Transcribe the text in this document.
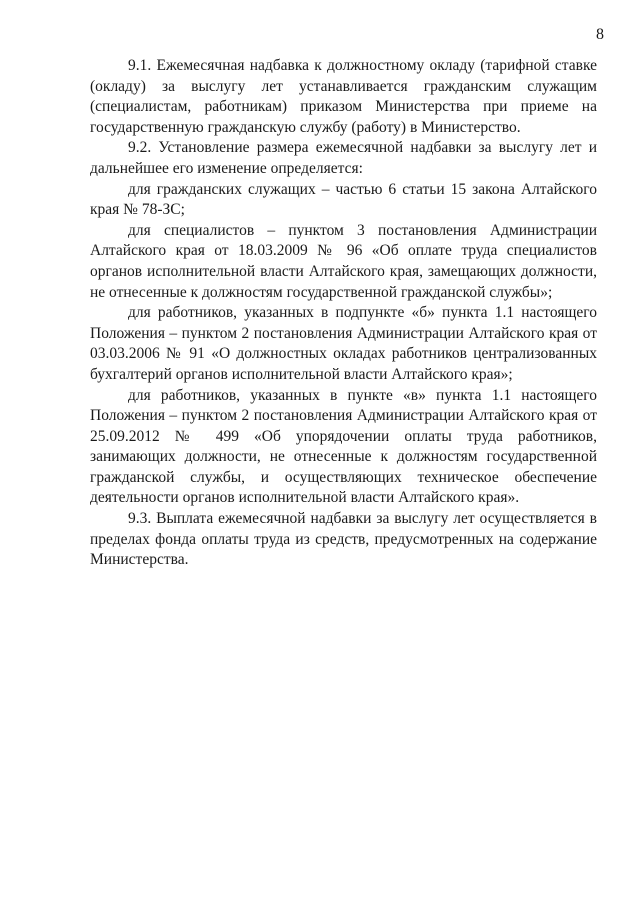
8

9.1. Ежемесячная надбавка к должностному окладу (тарифной ставке (окладу) за выслугу лет устанавливается гражданским служащим (специалистам, работникам) приказом Министерства при приеме на государственную гражданскую службу (работу) в Министерство.

9.2. Установление размера ежемесячной надбавки за выслугу лет и дальнейшее его изменение определяется:

для гражданских служащих – частью 6 статьи 15 закона Алтайского края № 78-ЗС;

для специалистов – пунктом 3 постановления Администрации Алтайского края от 18.03.2009 № 96 «Об оплате труда специалистов органов исполнительной власти Алтайского края, замещающих должности, не отнесенные к должностям государственной гражданской службы»;

для работников, указанных в подпункте «б» пункта 1.1 настоящего Положения – пунктом 2 постановления Администрации Алтайского края от 03.03.2006 № 91 «О должностных окладах работников централизованных бухгалтерий органов исполнительной власти Алтайского края»;

для работников, указанных в пункте «в» пункта 1.1 настоящего Положения – пунктом 2 постановления Администрации Алтайского края от 25.09.2012 № 499 «Об упорядочении оплаты труда работников, занимающих должности, не отнесенные к должностям государственной гражданской службы, и осуществляющих техническое обеспечение деятельности органов исполнительной власти Алтайского края».

9.3. Выплата ежемесячной надбавки за выслугу лет осуществляется в пределах фонда оплаты труда из средств, предусмотренных на содержание Министерства.
